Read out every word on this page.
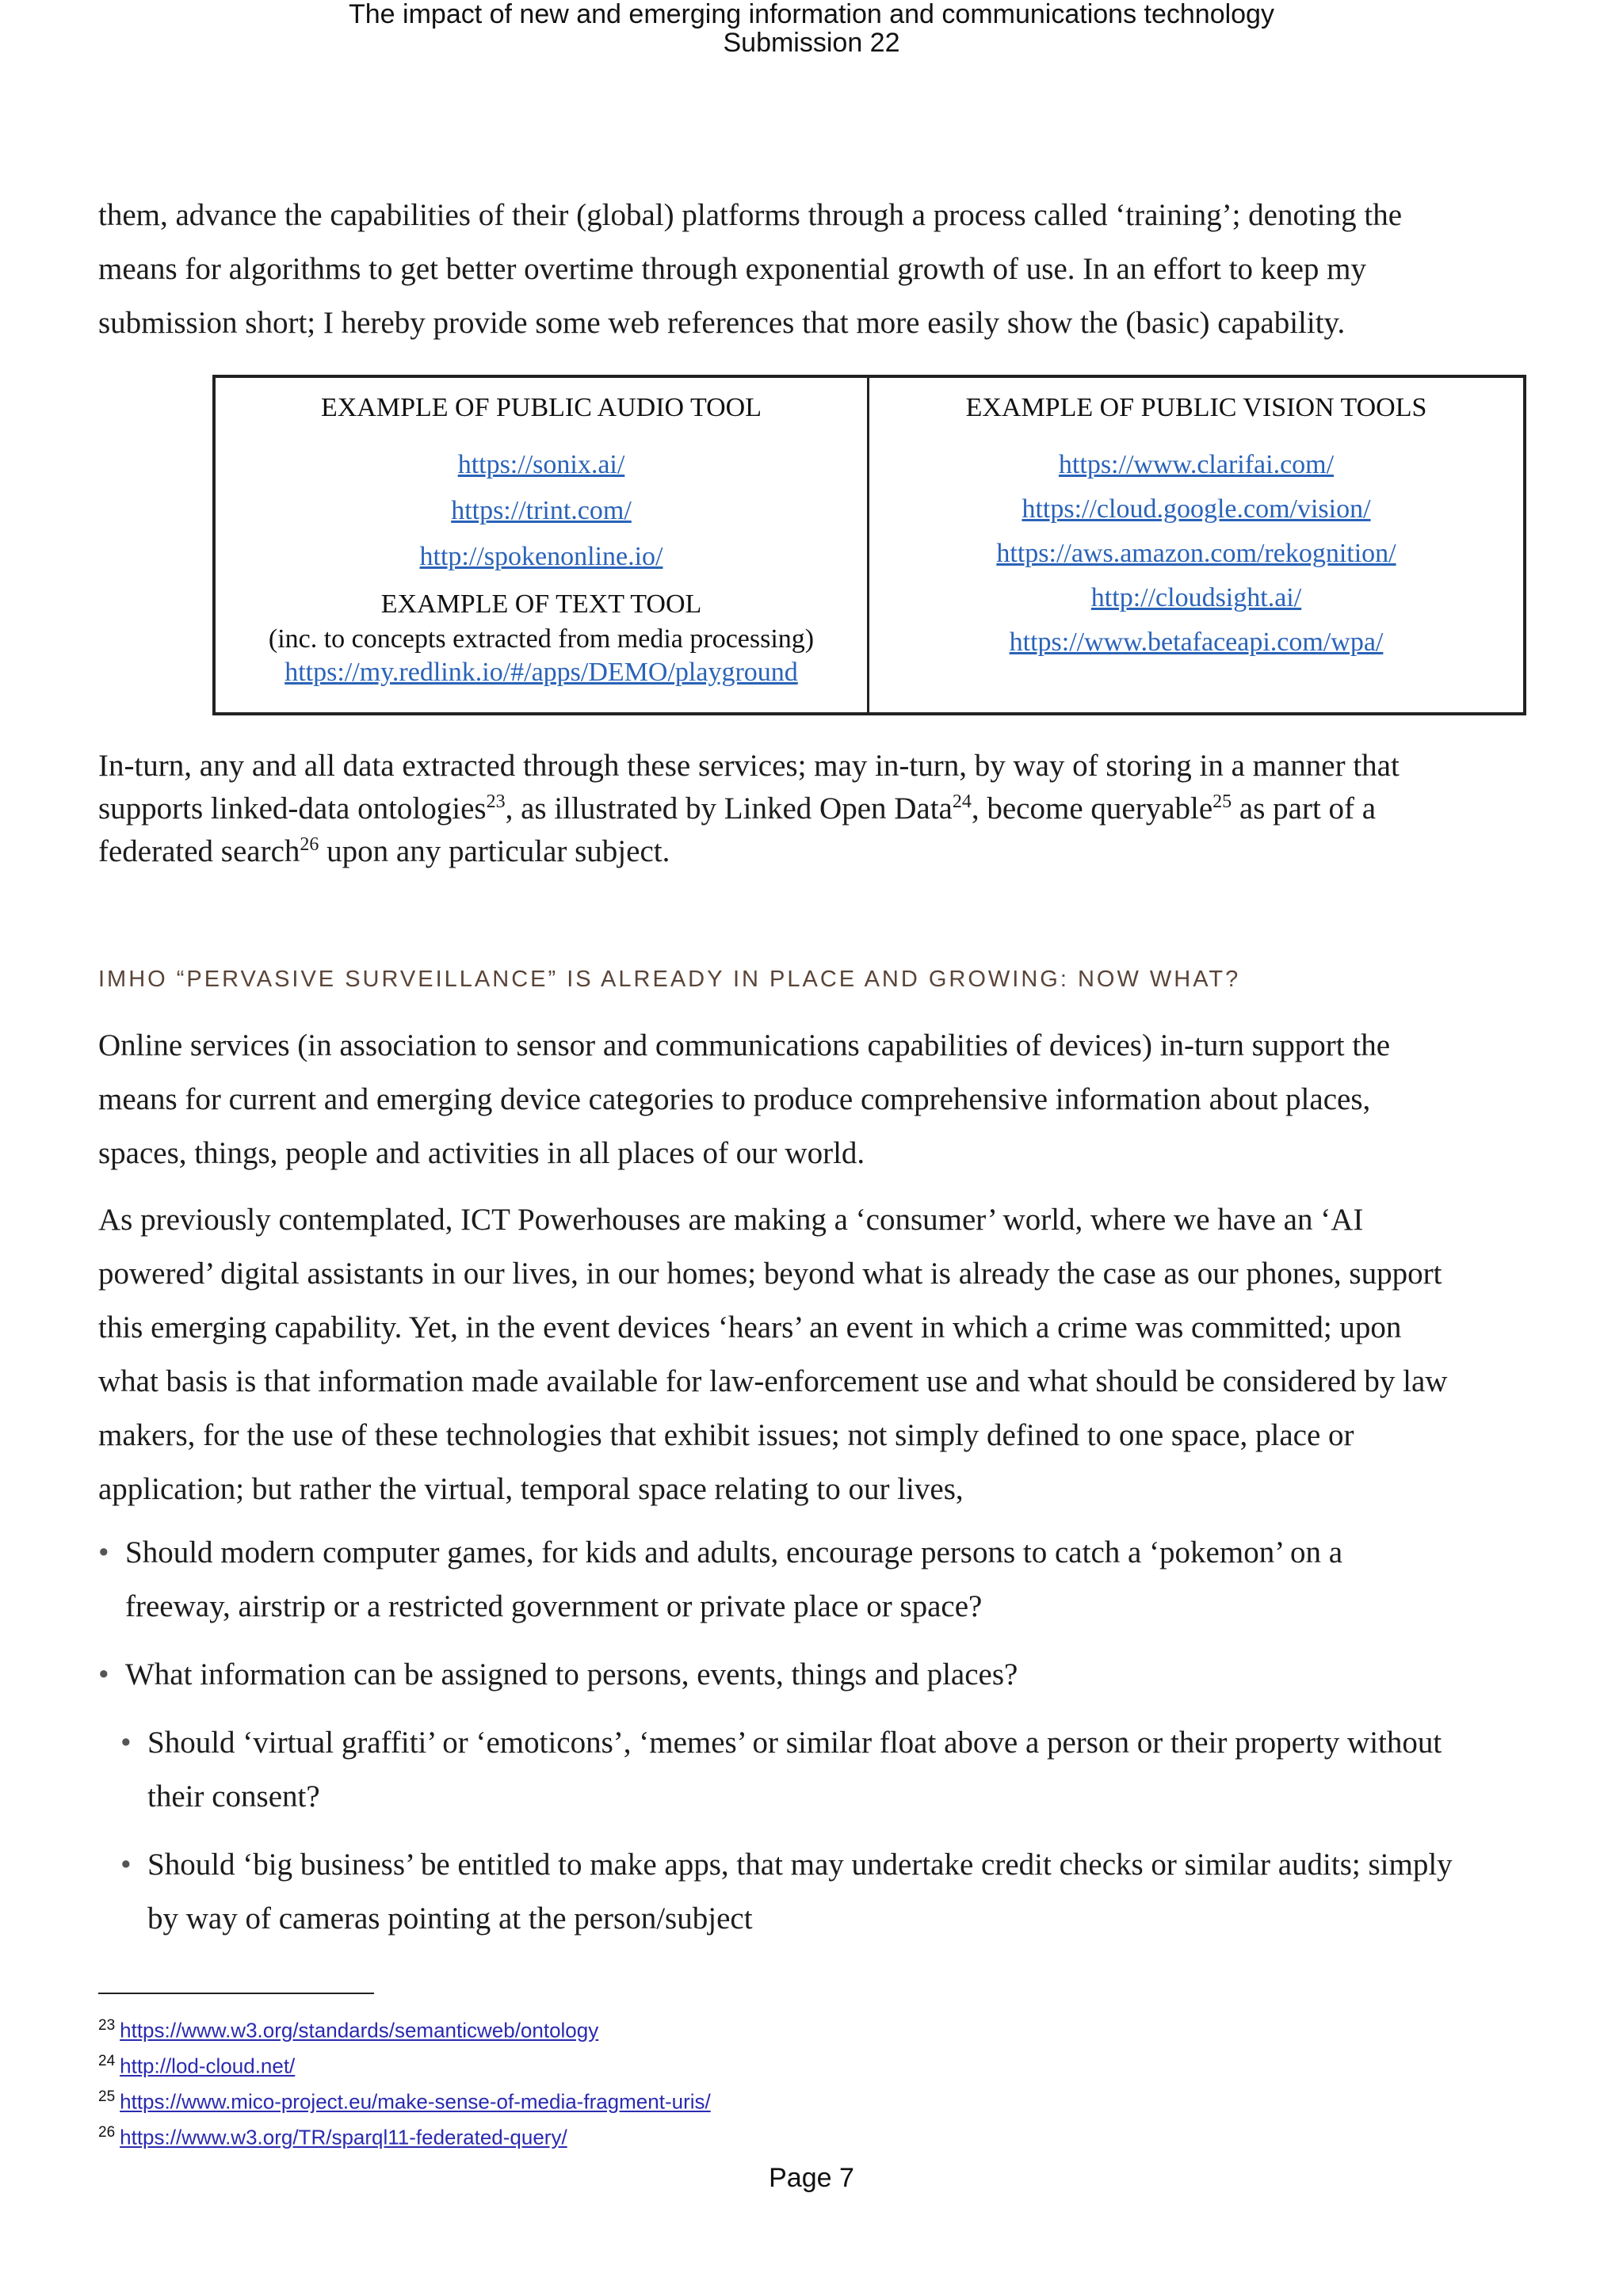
The impact of new and emerging information and communications technology
Submission 22
them, advance the capabilities of their (global) platforms through a process called ‘training’; denoting the
means for algorithms to get better overtime through exponential growth of use. In an effort to keep my
submission short; I hereby provide some web references that more easily show the (basic) capability.
EXAMPLE OF PUBLIC AUDIO TOOL
https://sonix.ai/
https://trint.com/
http://spokenonline.io/
EXAMPLE OF TEXT TOOL
(inc. to concepts extracted from media processing)
https://my.redlink.io/#/apps/DEMO/playground
EXAMPLE OF PUBLIC VISION TOOLS
https://www.clarifai.com/
https://cloud.google.com/vision/
https://aws.amazon.com/rekognition/
http://cloudsight.ai/
https://www.betafaceapi.com/wpa/
In-turn, any and all data extracted through these services; may in-turn, by way of storing in a manner that
supports linked-data ontologies$^{23}$, as illustrated by Linked Open Data$^{24}$, become queryable$^{25}$ as part of a
federated search$^{26}$ upon any particular subject.
IMHO “PERVASIVE SURVEILLANCE” IS ALREADY IN PLACE AND GROWING: NOW WHAT?
Online services (in association to sensor and communications capabilities of devices) in-turn support the
means for current and emerging device categories to produce comprehensive information about places,
spaces, things, people and activities in all places of our world.
As previously contemplated, ICT Powerhouses are making a ‘consumer’ world, where we have an ‘AI
powered’ digital assistants in our lives, in our homes; beyond what is already the case as our phones, support
this emerging capability. Yet, in the event devices ‘hears’ an event in which a crime was committed; upon
what basis is that information made available for law-enforcement use and what should be considered by law
makers, for the use of these technologies that exhibit issues; not simply defined to one space, place or
application; but rather the virtual, temporal space relating to our lives,
• Should modern computer games, for kids and adults, encourage persons to catch a ‘pokemon’ on a
freeway, airstrip or a restricted government or private place or space?
• What information can be assigned to persons, events, things and places?
• Should ‘virtual graffiti’ or ‘emoticons’, ‘memes’ or similar float above a person or their property without
their consent?
• Should ‘big business’ be entitled to make apps, that may undertake credit checks or similar audits; simply
by way of cameras pointing at the person/subject
$^{23}$ https://www.w3.org/standards/semanticweb/ontology
$^{24}$ http://lod-cloud.net/
$^{25}$ https://www.mico-project.eu/make-sense-of-media-fragment-uris/
$^{26}$ https://www.w3.org/TR/sparql11-federated-query/
Page 7
